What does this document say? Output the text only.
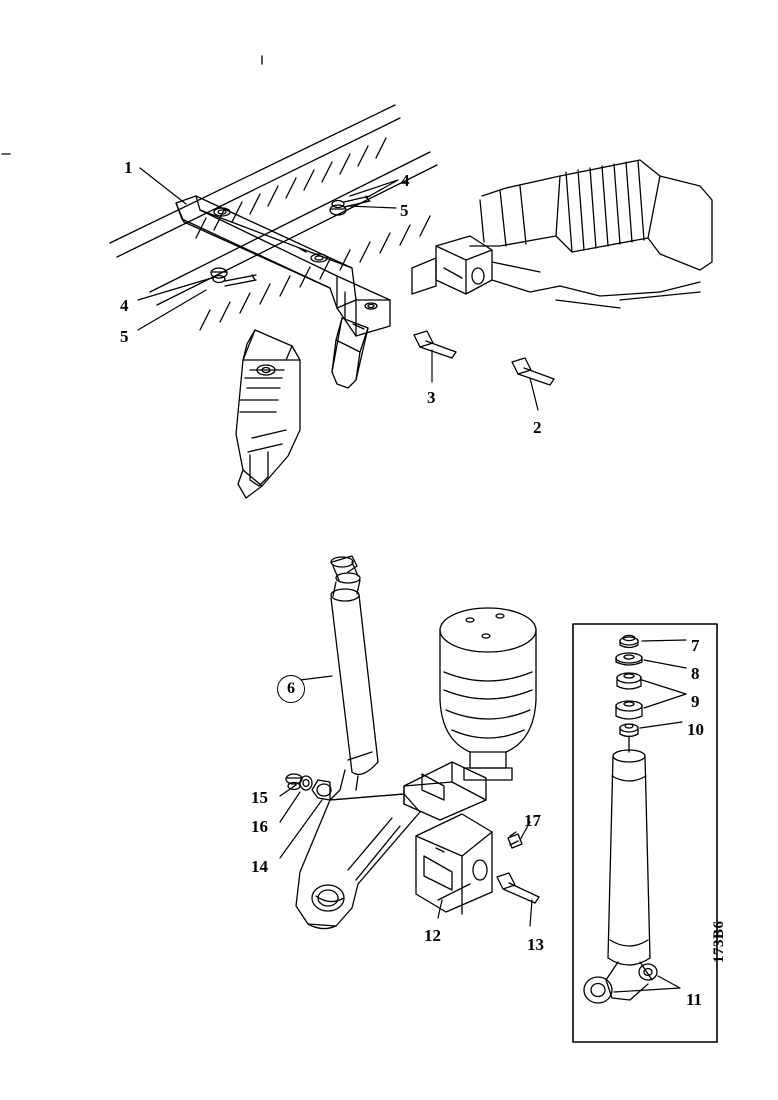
1
4
5
4
5
3
2
15
16
14
12	13
17
7
8
9
10
11
6
173B6
